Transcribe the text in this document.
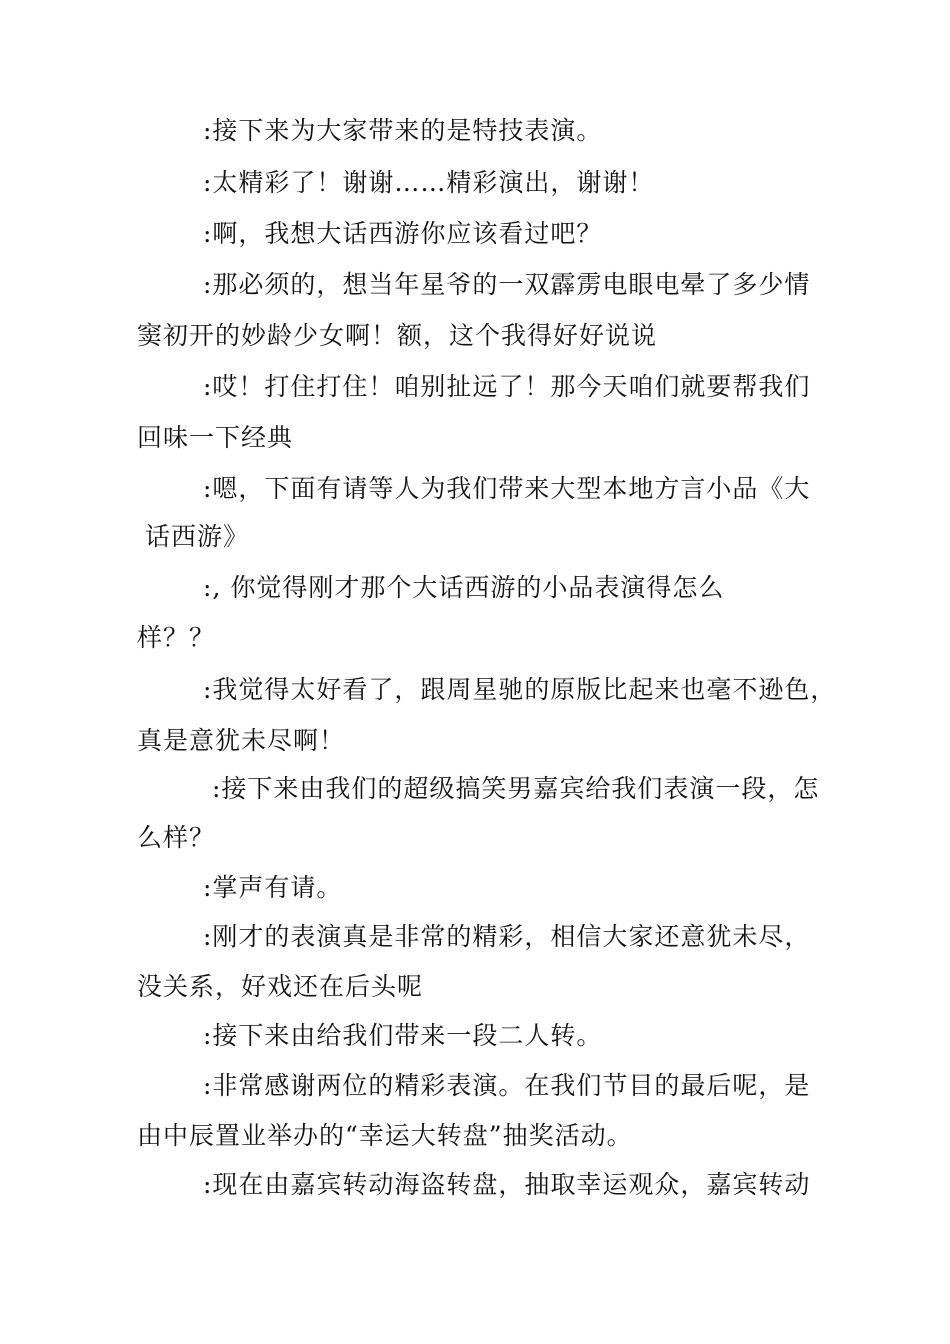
:接下来为大家带来的是特技表演。
:太精彩了！谢谢……精彩演出，谢谢！
:啊，我想大话西游你应该看过吧？
:那必须的，想当年星爷的一双霹雳电眼电晕了多少情
窦初开的妙龄少女啊！额，这个我得好好说说
:哎！打住打住！咱别扯远了！那今天咱们就要帮我们
回味一下经典
:嗯，下面有请等人为我们带来大型本地方言小品《大
话西游》
:, 你觉得刚才那个大话西游的小品表演得怎么
样？？
:我觉得太好看了，跟周星驰的原版比起来也毫不逊色，
真是意犹未尽啊！
:接下来由我们的超级搞笑男嘉宾给我们表演一段，怎
么样？
:掌声有请。
:刚才的表演真是非常的精彩，相信大家还意犹未尽，
没关系，好戏还在后头呢
:接下来由给我们带来一段二人转。
:非常感谢两位的精彩表演。在我们节目的最后呢，是
由中辰置业举办的“幸运大转盘”抽奖活动。
:现在由嘉宾转动海盗转盘，抽取幸运观众，嘉宾转动
